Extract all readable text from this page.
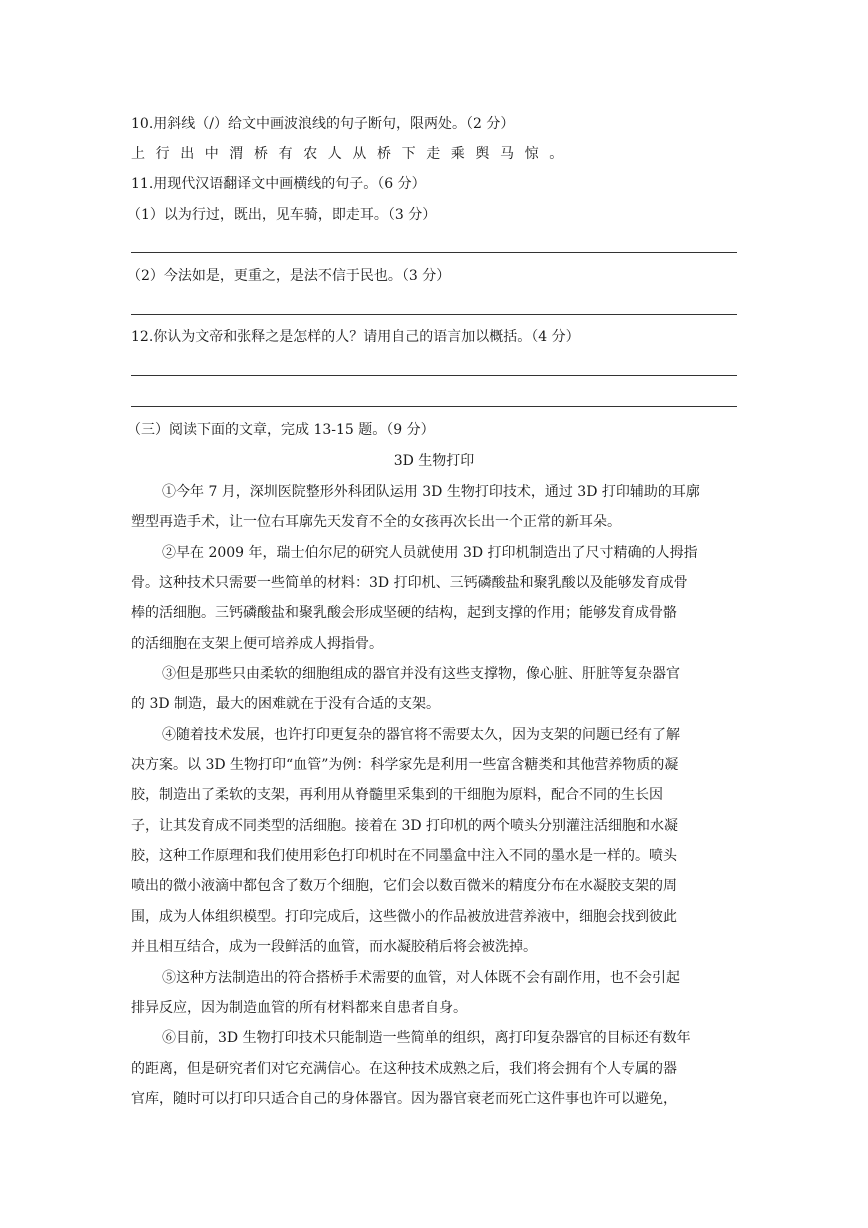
10.用斜线（/）给文中画波浪线的句子断句，限两处。（2 分）
上行出中渭桥有农人从桥下走乘舆马惊。
11.用现代汉语翻译文中画横线的句子。（6 分）
（1）以为行过，既出，见车骑，即走耳。（3 分）
（2）今法如是，更重之，是法不信于民也。（3 分）
12.你认为文帝和张释之是怎样的人？请用自己的语言加以概括。（4 分）
（三）阅读下面的文章，完成 13-15 题。（9 分）
3D 生物打印
①今年 7 月，深圳医院整形外科团队运用 3D 生物打印技术，通过 3D 打印辅助的耳廓
塑型再造手术，让一位右耳廓先天发育不全的女孩再次长出一个正常的新耳朵。
②早在 2009 年，瑞士伯尔尼的研究人员就使用 3D 打印机制造出了尺寸精确的人拇指
骨。这种技术只需要一些简单的材料：3D 打印机、三钙磷酸盐和聚乳酸以及能够发育成骨
棒的活细胞。三钙磷酸盐和聚乳酸会形成坚硬的结构，起到支撑的作用；能够发育成骨骼
的活细胞在支架上便可培养成人拇指骨。
③但是那些只由柔软的细胞组成的器官并没有这些支撑物，像心脏、肝脏等复杂器官
的 3D 制造，最大的困难就在于没有合适的支架。
④随着技术发展，也许打印更复杂的器官将不需要太久，因为支架的问题已经有了解
决方案。以 3D 生物打印“血管”为例：科学家先是利用一些富含糖类和其他营养物质的凝
胶，制造出了柔软的支架，再利用从脊髓里采集到的干细胞为原料，配合不同的生长因
子，让其发育成不同类型的活细胞。接着在 3D 打印机的两个喷头分别灌注活细胞和水凝
胶，这种工作原理和我们使用彩色打印机时在不同墨盒中注入不同的墨水是一样的。喷头
喷出的微小液滴中都包含了数万个细胞，它们会以数百微米的精度分布在水凝胶支架的周
围，成为人体组织模型。打印完成后，这些微小的作品被放进营养液中，细胞会找到彼此
并且相互结合，成为一段鲜活的血管，而水凝胶稍后将会被洗掉。
⑤这种方法制造出的符合搭桥手术需要的血管，对人体既不会有副作用，也不会引起
排异反应，因为制造血管的所有材料都来自患者自身。
⑥目前，3D 生物打印技术只能制造一些简单的组织，离打印复杂器官的目标还有数年
的距离，但是研究者们对它充满信心。在这种技术成熟之后，我们将会拥有个人专属的器
官库，随时可以打印只适合自己的身体器官。因为器官衰老而死亡这件事也许可以避免，
